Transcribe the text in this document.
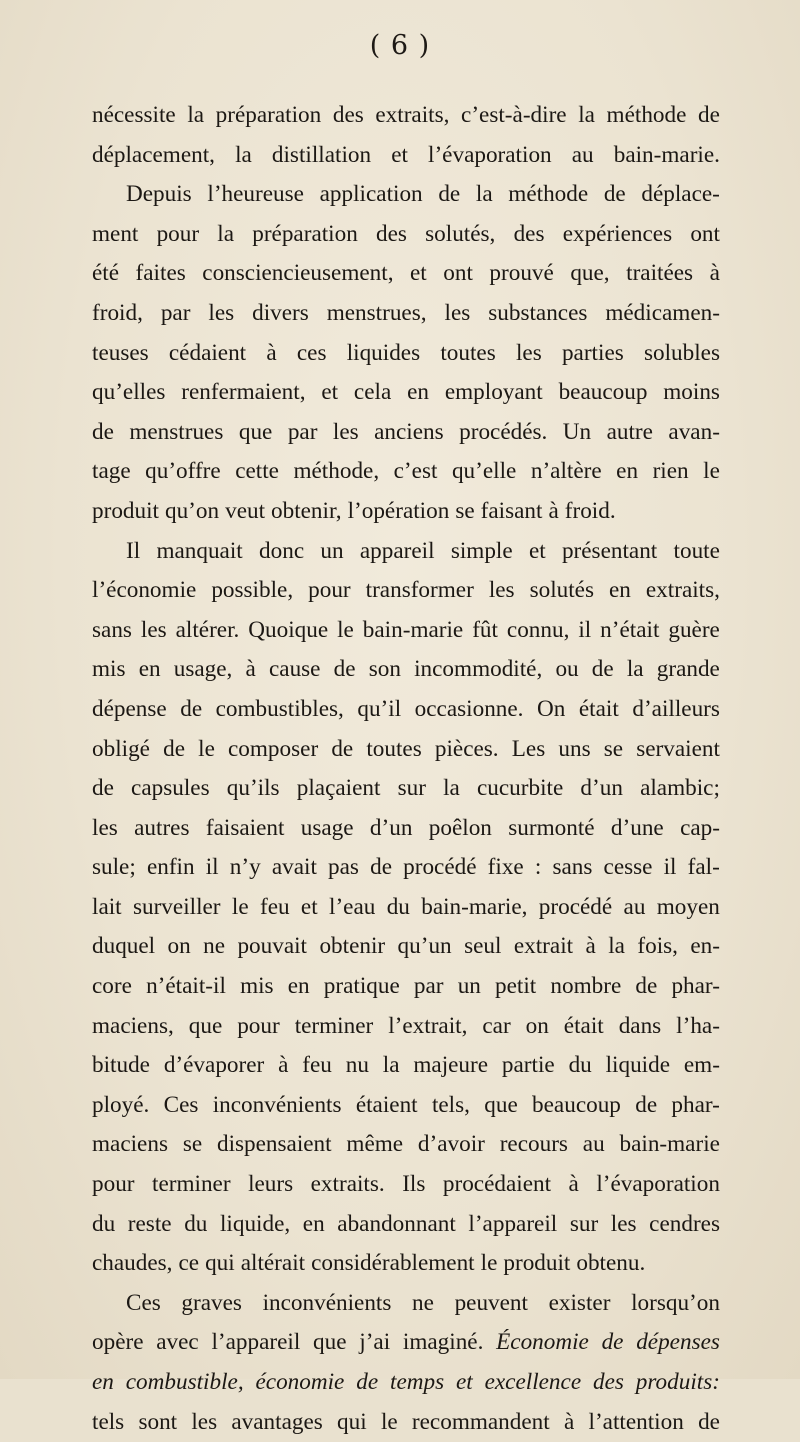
( 6 )
nécessite la préparation des extraits, c’est-à-dire la méthode de
déplacement, la distillation et l’évaporation au bain-marie.
Depuis l’heureuse application de la méthode de déplace-
ment pour la préparation des solutés, des expériences ont
été faites consciencieusement, et ont prouvé que, traitées à
froid, par les divers menstrues, les substances médicamen-
teuses cédaient à ces liquides toutes les parties solubles
qu’elles renfermaient, et cela en employant beaucoup moins
de menstrues que par les anciens procédés. Un autre avan-
tage qu’offre cette méthode, c’est qu’elle n’altère en rien le
produit qu’on veut obtenir, l’opération se faisant à froid.
Il manquait donc un appareil simple et présentant toute
l’économie possible, pour transformer les solutés en extraits,
sans les altérer. Quoique le bain-marie fût connu, il n’était guère
mis en usage, à cause de son incommodité, ou de la grande
dépense de combustibles, qu’il occasionne. On était d’ailleurs
obligé de le composer de toutes pièces. Les uns se servaient
de capsules qu’ils plaçaient sur la cucurbite d’un alambic;
les autres faisaient usage d’un poêlon surmonté d’une cap-
sule; enfin il n’y avait pas de procédé fixe : sans cesse il fal-
lait surveiller le feu et l’eau du bain-marie, procédé au moyen
duquel on ne pouvait obtenir qu’un seul extrait à la fois, en-
core n’était-il mis en pratique par un petit nombre de phar-
maciens, que pour terminer l’extrait, car on était dans l’ha-
bitude d’évaporer à feu nu la majeure partie du liquide em-
ployé. Ces inconvénients étaient tels, que beaucoup de phar-
maciens se dispensaient même d’avoir recours au bain-marie
pour terminer leurs extraits. Ils procédaient à l’évaporation
du reste du liquide, en abandonnant l’appareil sur les cendres
chaudes, ce qui altérait considérablement le produit obtenu.
Ces graves inconvénients ne peuvent exister lorsqu’on
opère avec l’appareil que j’ai imaginé. Économie de dépenses
en combustible, économie de temps et excellence des produits:
tels sont les avantages qui le recommandent à l’attention de
